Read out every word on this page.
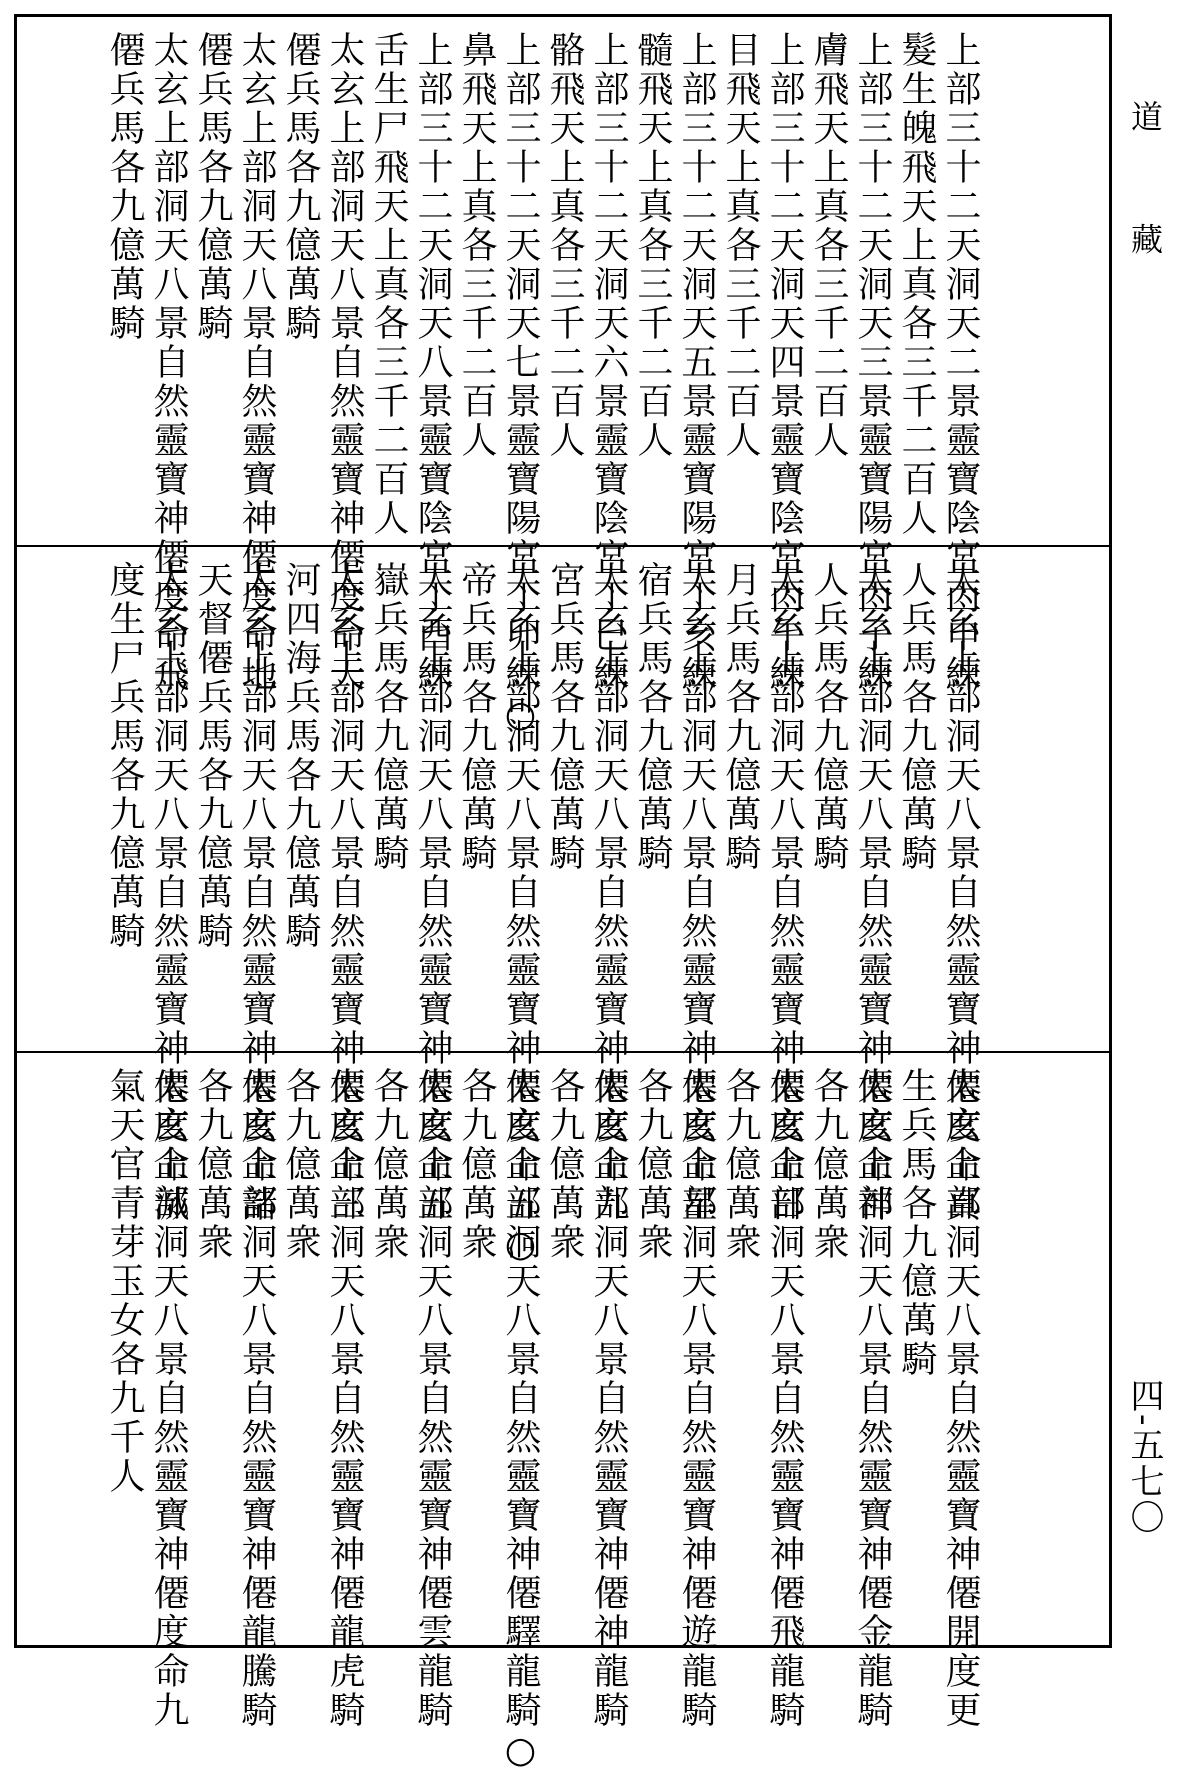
上部三十二天洞天二景靈寶陰宮丙申練
髮生魄飛天上真各三千二百人
上部三十二天洞天三景靈寶陽宮丙子練
膚飛天上真各三千二百人
上部三十二天洞天四景靈寶陰宮丙午練
目飛天上真各三千二百人
上部三十二天洞天五景靈寶陽宮丁亥練
髓飛天上真各三千二百人
上部三十二天洞天六景靈寶陰宮丁巳練
骼飛天上真各三千二百人
上部三十二天洞天七景靈寶陽宮丁卯練○
鼻飛天上真各三千二百人
上部三十二天洞天八景靈寶陰宮丁酉練
舌生尸飛天上真各三千二百人
太玄上部洞天八景自然靈寶神僊度命天
僊兵馬各九億萬騎
太玄上部洞天八景自然靈寶神僊度命地
僊兵馬各九億萬騎
太玄上部洞天八景自然靈寶神僊度命飛
僊兵馬各九億萬騎
太玄上部洞天八景自然靈寶神僊度命真
人兵馬各九億萬騎
太玄上部洞天八景自然靈寶神僊度命神
人兵馬各九億萬騎
太玄上部洞天八景自然靈寶神僊度命日
月兵馬各九億萬騎
太玄上部洞天八景自然靈寶神僊度命星
宿兵馬各九億萬騎
太玄上部洞天八景自然靈寶神僊度命九
宮兵馬各九億萬騎
太玄上部洞天八景自然靈寶神僊度命五○
帝兵馬各九億萬騎
太玄上部洞天八景自然靈寶神僊度命五
嶽兵馬各九億萬騎
太玄上部洞天八景自然靈寶神僊度命三
河四海兵馬各九億萬騎
太玄上部洞天八景自然靈寶神僊度命諸
天督僊兵馬各九億萬騎
太玄上部洞天八景自然靈寶神僊度命滅
度生尸兵馬各九億萬騎
太玄上部洞天八景自然靈寶神僊開度更
生兵馬各九億萬騎
太玄上部洞天八景自然靈寶神僊金龍騎
各九億萬衆
太玄上部洞天八景自然靈寶神僊飛龍騎
各九億萬衆
太玄上部洞天八景自然靈寶神僊遊龍騎
各九億萬衆
太玄上部洞天八景自然靈寶神僊神龍騎
各九億萬衆
太玄上部洞天八景自然靈寶神僊驛龍騎○
各九億萬衆
太玄上部洞天八景自然靈寶神僊雲龍騎
各九億萬衆
太玄上部洞天八景自然靈寶神僊龍虎騎
各九億萬衆
太玄上部洞天八景自然靈寶神僊龍騰騎
各九億萬衆
太玄上部洞天八景自然靈寶神僊度命九
氣天官青芽玉女各九千人
道 藏
四-五七〇
